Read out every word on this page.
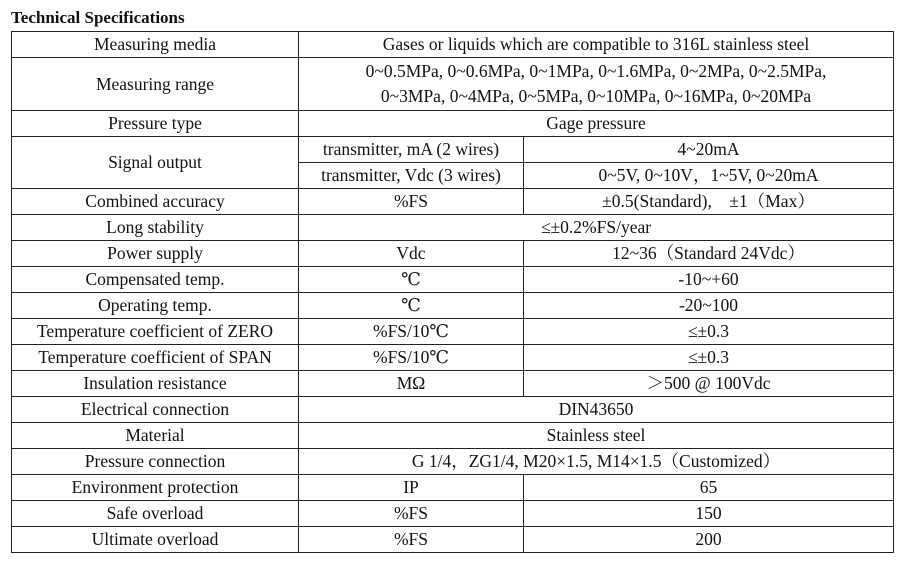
Technical Specifications
Measuring media	Gases or liquids which are compatible to 316L stainless steel	
Measuring range	0~0.5MPa, 0~0.6MPa, 0~1MPa, 0~1.6MPa, 0~2MPa, 0~2.5MPa,
0~3MPa, 0~4MPa, 0~5MPa, 0~10MPa, 0~16MPa, 0~20MPa	

Pressure type	Gage pressure	
Signal output	transmitter, mA (2 wires)	4~20mA
	transmitter, Vdc (3 wires)	0~5V, 0~10V，1~5V, 0~20mA
Combined accuracy	%FS	±0.5(Standard),　±1（Max）
Long stability	≤±0.2%FS/year	
Power supply	Vdc	12~36（Standard 24Vdc）
Compensated temp.	℃	-10~+60
Operating temp.	℃	-20~100
Temperature coefficient of ZERO	%FS/10℃	≤±0.3
Temperature coefficient of SPAN	%FS/10℃	≤±0.3
Insulation resistance	MΩ	＞500 @ 100Vdc
Electrical connection	DIN43650	
Material	Stainless steel	
Pressure connection	G 1/4，ZG1/4, M20×1.5, M14×1.5（Customized）	
Environment protection	IP	65
Safe overload	%FS	150
Ultimate overload	%FS	200
